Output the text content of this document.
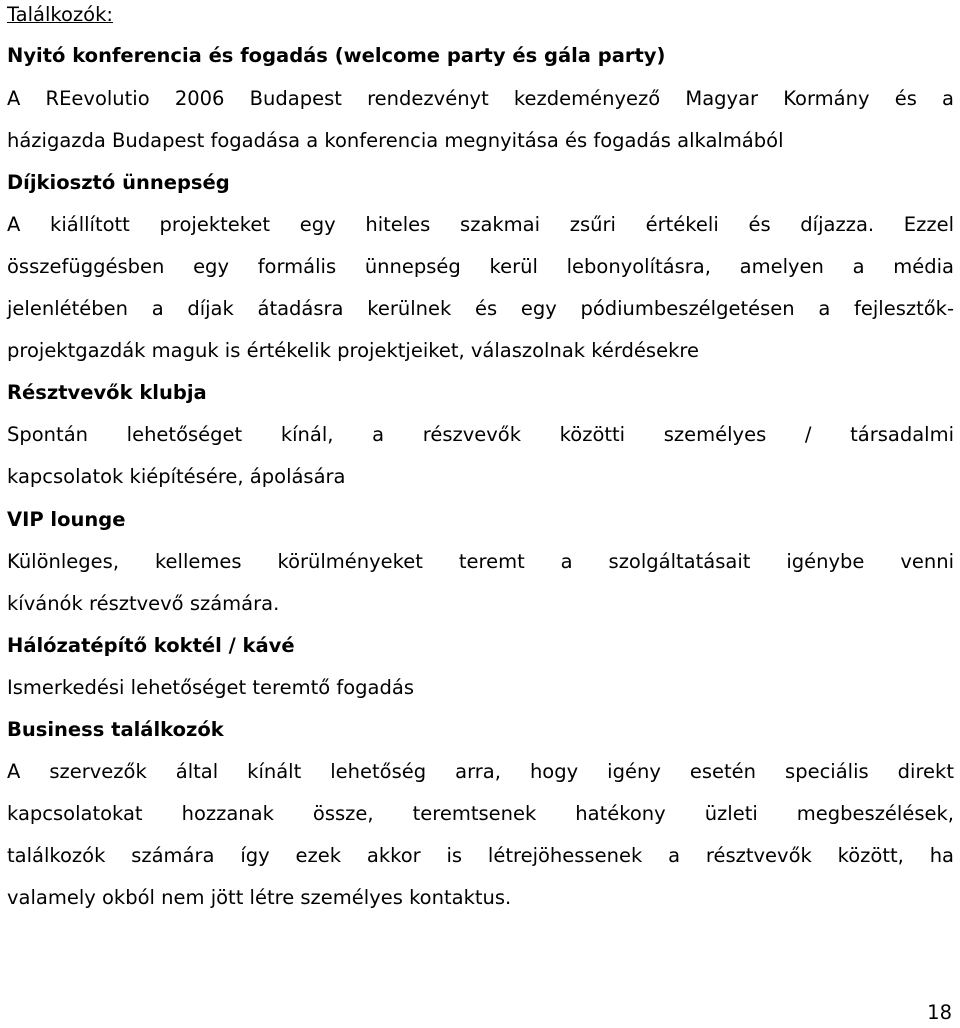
Találkozók:

Nyitó konferencia és fogadás (welcome party és gála party)

A REevolutio 2006 Budapest rendezvényt kezdeményező Magyar Kormány és a

házigazda Budapest fogadása a konferencia megnyitása és fogadás alkalmából

Díjkiosztó ünnepség

A kiállított projekteket egy hiteles szakmai zsűri értékeli és díjazza. Ezzel

összefüggésben egy formális ünnepség kerül lebonyolításra, amelyen a média

jelenlétében a díjak átadásra kerülnek és egy pódiumbeszélgetésen a fejlesztők-

projektgazdák maguk is értékelik projektjeiket, válaszolnak kérdésekre

Résztvevők klubja

Spontán lehetőséget kínál, a részvevők közötti személyes / társadalmi

kapcsolatok kiépítésére, ápolására

VIP lounge

Különleges, kellemes körülményeket teremt a szolgáltatásait igénybe venni

kívánók résztvevő számára.

Hálózatépítő koktél / kávé

Ismerkedési lehetőséget teremtő fogadás

Business találkozók

A szervezők által kínált lehetőség arra, hogy igény esetén speciális direkt

kapcsolatokat hozzanak össze, teremtsenek hatékony üzleti megbeszélések,

találkozók számára így ezek akkor is létrejöhessenek a résztvevők között, ha

valamely okból nem jött létre személyes kontaktus.

18
